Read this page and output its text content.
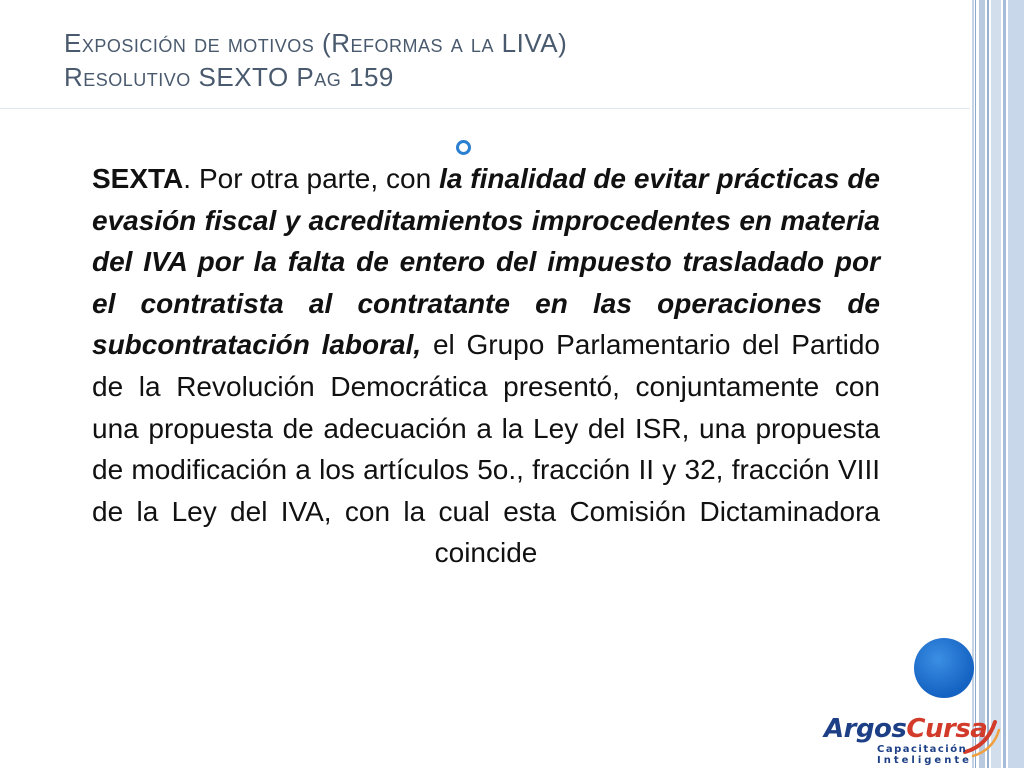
Exposición de motivos (Reformas a la LIVA)
Resolutivo SEXTO Pag 159
SEXTA. Por otra parte, con la finalidad de evitar prácticas de evasión fiscal y acreditamientos improcedentes en materia del IVA por la falta de entero del impuesto trasladado por el contratista al contratante en las operaciones de subcontratación laboral, el Grupo Parlamentario del Partido de la Revolución Democrática presentó, conjuntamente con una propuesta de adecuación a la Ley del ISR, una propuesta de modificación a los artículos 5o., fracción II y 32, fracción VIII de la Ley del IVA, con la cual esta Comisión Dictaminadora coincide
ArgosCursa
Capacitación
Inteligente
